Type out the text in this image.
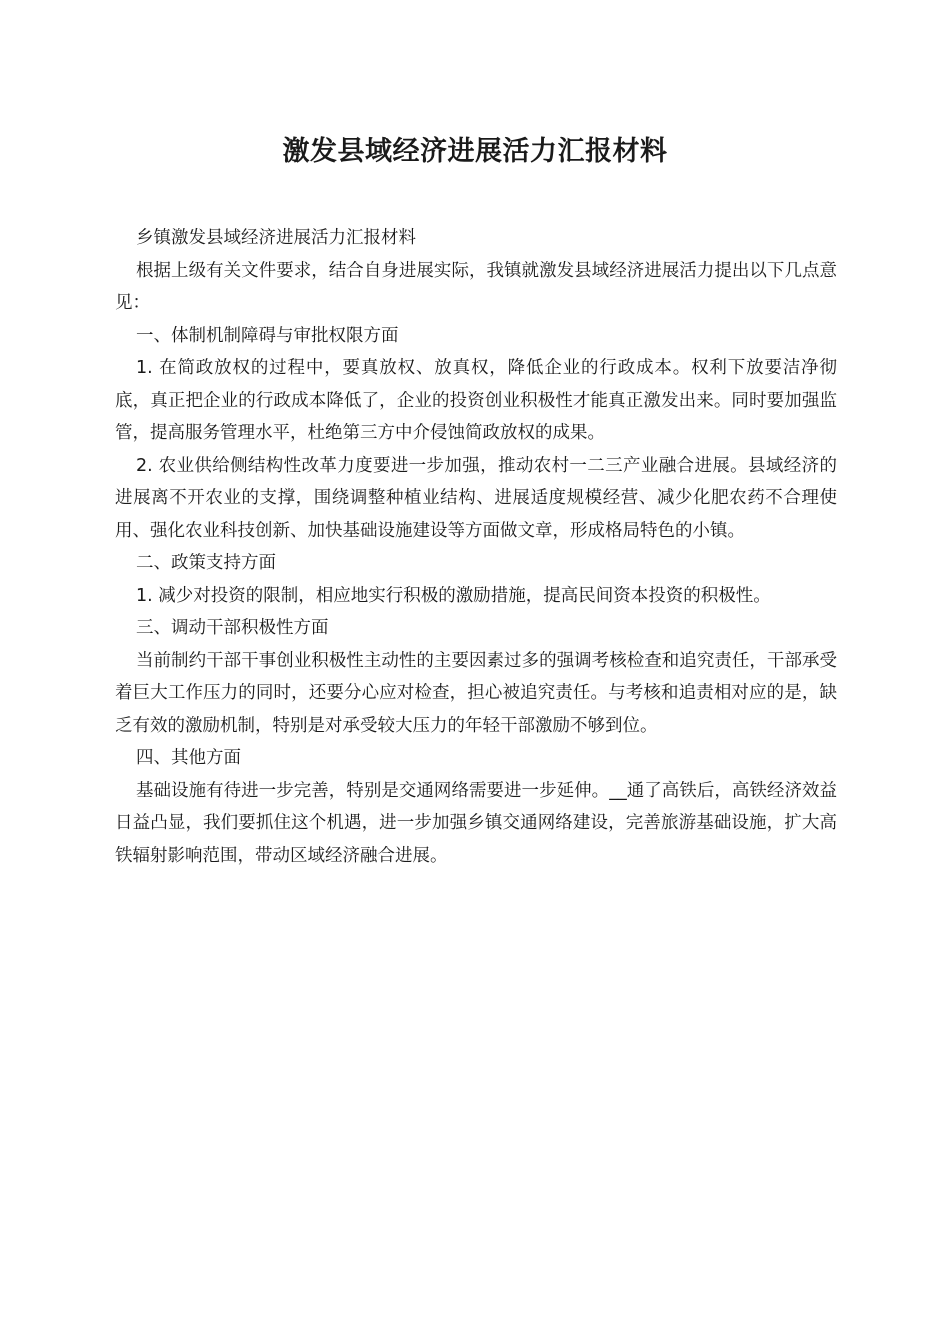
激发县域经济进展活力汇报材料

乡镇激发县域经济进展活力汇报材料

根据上级有关文件要求，结合自身进展实际，我镇就激发县域经济进展活力提出以下几点意见：

一、体制机制障碍与审批权限方面

1. 在简政放权的过程中，要真放权、放真权，降低企业的行政成本。权利下放要洁净彻底，真正把企业的行政成本降低了，企业的投资创业积极性才能真正激发出来。同时要加强监管，提高服务管理水平，杜绝第三方中介侵蚀简政放权的成果。

2. 农业供给侧结构性改革力度要进一步加强，推动农村一二三产业融合进展。县域经济的进展离不开农业的支撑，围绕调整种植业结构、进展适度规模经营、减少化肥农药不合理使用、强化农业科技创新、加快基础设施建设等方面做文章，形成格局特色的小镇。

二、政策支持方面

1. 减少对投资的限制，相应地实行积极的激励措施，提高民间资本投资的积极性。

三、调动干部积极性方面

当前制约干部干事创业积极性主动性的主要因素过多的强调考核检查和追究责任，干部承受着巨大工作压力的同时，还要分心应对检查，担心被追究责任。与考核和追责相对应的是，缺乏有效的激励机制，特别是对承受较大压力的年轻干部激励不够到位。

四、其他方面

基础设施有待进一步完善，特别是交通网络需要进一步延伸。__通了高铁后，高铁经济效益日益凸显，我们要抓住这个机遇，进一步加强乡镇交通网络建设，完善旅游基础设施，扩大高铁辐射影响范围，带动区域经济融合进展。
